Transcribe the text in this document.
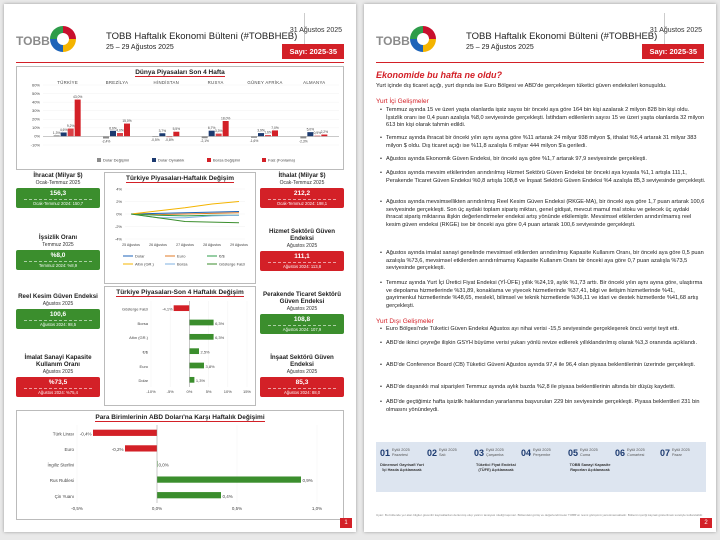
TOBB	TOBB Haftalık Ekonomi Bülteni (#TOBBHEB)
25 – 29 Ağustos 2025
31 Ağustos 2025
Sayı: 2025-35
Dünya Piyasaları Son 4 Hafta
60%
50%
40%
30%
20%
10%
0%
-10%
TÜRKİYE
1,3%
4,6%
9,2%
43,0%
BREZİLYA
-2,4%
6,6%
4,0%
15,0%
HİNDİSTAN
-0,5%
3,7%
-0,8%
5,5%
RUSYA
-2,1%
6,7%
3,3%
18,0%
GÜNEY AFRİKA
-1,6%
3,9% 1,6%
7,0%
ALMANYA
-2,3%
5,0%
0,9% 2,2%
Dolar Değişimi	Dolar Oynaklık	Borsa Değişimi	Faiz (Fonlama)
İhracat (Milyar $)
Ocak-Temmuz 2025
156,3
Ocak-Temmuz 2024: 150,7
İşsizlik Oranı
Temmuz 2025
%8,0
Temmuz 2024: %8,9
Reel Kesim Güven Endeksi
Ağustos 2025
100,6
Ağustos 2024: 98,5
İmalat Sanayi Kapasite Kullanım Oranı
Ağustos 2025
%73,5
Ağustos 2024: %75,4
İthalat (Milyar $)
Ocak-Temmuz 2025
212,2
Ocak-Temmuz 2024: 198,1
Hizmet Sektörü Güven Endeksi
Ağustos 2025
111,1
Ağustos 2024: 113,8
Perakende Ticaret Sektörü Güven Endeksi
Ağustos 2025
108,8
Ağustos 2024: 107,9
İnşaat Sektörü Güven Endeksi
Ağustos 2025
85,3
Ağustos 2024: 88,0
Türkiye Piyasaları-Haftalık Değişim
4%
2%
0%
-2%
-4%
25 Ağustos	26 Ağustos	27 Ağustos	28 Ağustos	29 Ağustos
Dolar	Euro	€/$
Altın (GR.)	Borsa	Gösterge Faizi
Türkiye Piyasaları-Son 4 Haftalık Değişim
-10%	-5%	0%	5%	10%	15%
Gösterge Faizi	-4,1%
Borsa	6,3%
Altın (GR.)	6,3%
€/$	2,5%
Euro	3,8%
Dolar	1,3%
Para Birimlerinin ABD Doları'na Karşı Haftalık Değişimi
-0,5%	0,0%	0,5%	1,0%
Türk Lirası -0,4%
Euro	-0,2%
İngiliz Sterlini	0,0%
Rus Rublesi	0,9%
Çin Yuanı	0,4%
1
TOBB	TOBB Haftalık Ekonomi Bülteni (#TOBBHEB)
25 – 29 Ağustos 2025
31 Ağustos 2025
Sayı: 2025-35
Ekonomide bu hafta ne oldu?
Yurt içinde dış ticaret açığı, yurt dışında ise Euro Bölgesi ve ABD'de gerçekleşen tüketici güven endeksleri konuşuldu.
Yurt İçi Gelişmeler
• Temmuz ayında 15 ve üzeri yaşta olanlarda işsiz sayısı bir önceki aya göre 164 bin kişi azalarak 2 milyon 828 bin kişi oldu. İşsizlik oranı ise 0,4 puan azalışla %8,0 seviyesinde gerçekleşti. İstihdam edilenlerin sayısı 15 ve üzeri yaşta olanlarda 32 milyon 613 bin kişi olarak tahmin edildi.
• Temmuz ayında ihracat bir önceki yılın aynı ayına göre %11 artarak 24 milyar 938 milyon $, ithalat %5,4 artarak 31 milyar 383 milyon $ oldu. Dış ticaret açığı ise %11,8 azalışla 6 milyar 444 milyon $'a geriledi.
• Ağustos ayında Ekonomik Güven Endeksi, bir önceki aya göre %1,7 artarak 97,9 seviyesinde gerçekleşti.
• Ağustos ayında mevsim etkilerinden arındırılmış Hizmet Sektörü Güven Endeksi bir önceki aya kıyasla %1,1 artışla 111,1, Perakende Ticaret Güven Endeksi %0,8 artışla 108,8 ve İnşaat Sektörü Güven Endeksi %4 azalışla 85,3 seviyesinde gerçekleşti.
• Ağustos ayında mevsimsellikten arındırılmış Reel Kesim Güven Endeksi (RKGE-MA), bir önceki aya göre 1,7 puan artarak 100,6 seviyesinde gerçekleşti. Son üç aydaki toplam sipariş miktarı, genel gidişat, mevcut mamul mal stoku ve gelecek üç aydaki ihracat sipariş miktarına ilişkin değerlendirmeler endeksi artış yönünde etkilemiştir. Mevsimsel etkilerden arındırılmamış reel kesim güven endeksi (RKGE) ise bir önceki aya göre 0,4 puan artarak 100,6 seviyesinde gerçekleşti.
• Ağustos ayında imalat sanayi genelinde mevsimsel etkilerden arındırılmış Kapasite Kullanım Oranı, bir önceki aya göre 0,5 puan azalışla %73,6, mevsimsel etkilerden arındırılmamış Kapasite Kullanım Oranı bir önceki aya göre 0,7 puan azalışla %73,5 seviyesinde gerçekleşti.
• Temmuz ayında Yurt İçi Üretici Fiyat Endeksi (Yİ-ÜFE) yıllık %24,19, aylık %1,73 arttı. Bir önceki yılın aynı ayına göre, ulaştırma ve depolama hizmetlerinde %31,89, konaklama ve yiyecek hizmetlerinde %37,41, bilgi ve iletişim hizmetlerinde %41, gayrimenkul hizmetlerinde %48,65, meslekî, bilimsel ve teknik hizmetlerde %36,11 ve idari ve destek hizmetlerde %41,68 artış gerçekleşti.
Yurt Dışı Gelişmeler
• Euro Bölgesi'nde Tüketici Güven Endeksi Ağustos ayı nihai verisi -15,5 seviyesinde gerçekleşerek öncü veriyi teyit etti.
• ABD'de ikinci çeyreğe ilişkin GSYH büyüme verisi yukarı yönlü revize edilerek yıllıklandırılmış olarak %3,3 oranında açıklandı.
• ABD'de Conference Board (CB) Tüketici Güveni Ağustos ayında 97,4 ile 96,4 olan piyasa beklentilerinin üzerinde gerçekleşti.
• ABD'de dayanıklı mal siparişleri Temmuz ayında aylık bazda %2,8 ile piyasa beklentilerinin altında bir düşüş kaydetti.
• ABD'de geçtiğimiz hafta işsizlik haklarından yararlanma başvuruları 229 bin seviyesinde gerçekleşti. Piyasa beklentileri 231 bin olmasını yönündeydi.
01 Eylül 2025 Pazartesi
Dönemsel Gayrisafi Yurt İçi Hasıla Açıklanacak
02 Eylül 2025 Salı	03 Eylül 2025 Çarşamba
Tüketici Fiyat Endeksi (TÜFE) Açıklanacak
04 Eylül 2025 Perşembe	05 Eylül 2025 Cuma
TOBB Sanayi Kapasite Raporları Açıklanacak
06 Eylül 2025 Cumartesi	07 Eylül 2025 Pazar
Uyarı: Bu bültende yer alan bilgiler güvenilir kaynaklardan derlenmiş olup yatırım tavsiyesi niteliği taşımaz. Bültendeki görüş ve değerlendirmeler TOBB'un resmi görüşünü yansıtmamaktadır. Bültenin içeriği kaynak gösterilmek suretiyle kullanılabilir.
2
